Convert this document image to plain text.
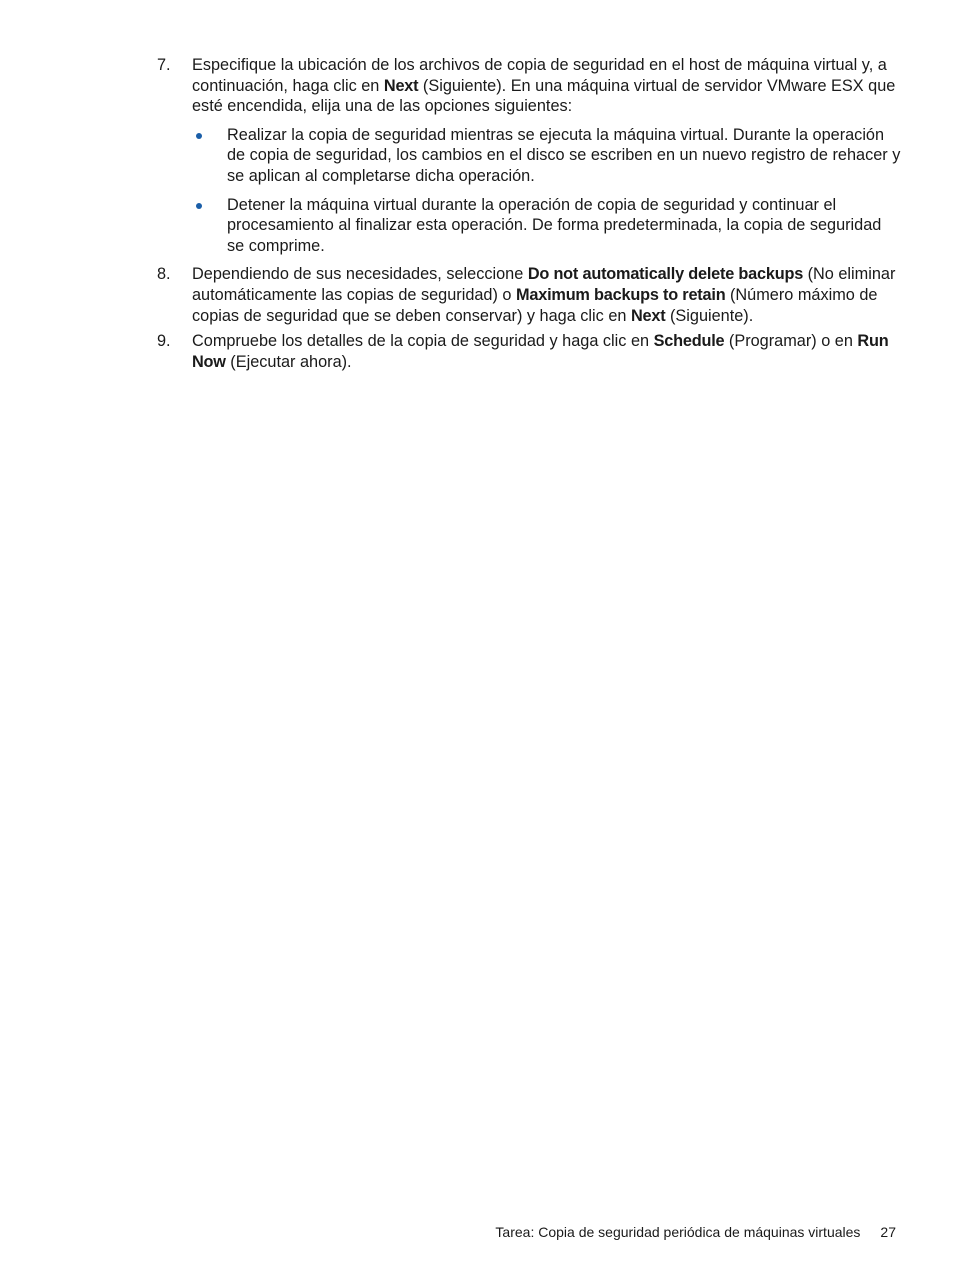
7. Especifique la ubicación de los archivos de copia de seguridad en el host de máquina virtual y, a continuación, haga clic en Next (Siguiente). En una máquina virtual de servidor VMware ESX que esté encendida, elija una de las opciones siguientes:
Realizar la copia de seguridad mientras se ejecuta la máquina virtual. Durante la operación de copia de seguridad, los cambios en el disco se escriben en un nuevo registro de rehacer y se aplican al completarse dicha operación.
Detener la máquina virtual durante la operación de copia de seguridad y continuar el procesamiento al finalizar esta operación. De forma predeterminada, la copia de seguridad se comprime.
8. Dependiendo de sus necesidades, seleccione Do not automatically delete backups (No eliminar automáticamente las copias de seguridad) o Maximum backups to retain (Número máximo de copias de seguridad que se deben conservar) y haga clic en Next (Siguiente).
9. Compruebe los detalles de la copia de seguridad y haga clic en Schedule (Programar) o en Run Now (Ejecutar ahora).
Tarea: Copia de seguridad periódica de máquinas virtuales 27
